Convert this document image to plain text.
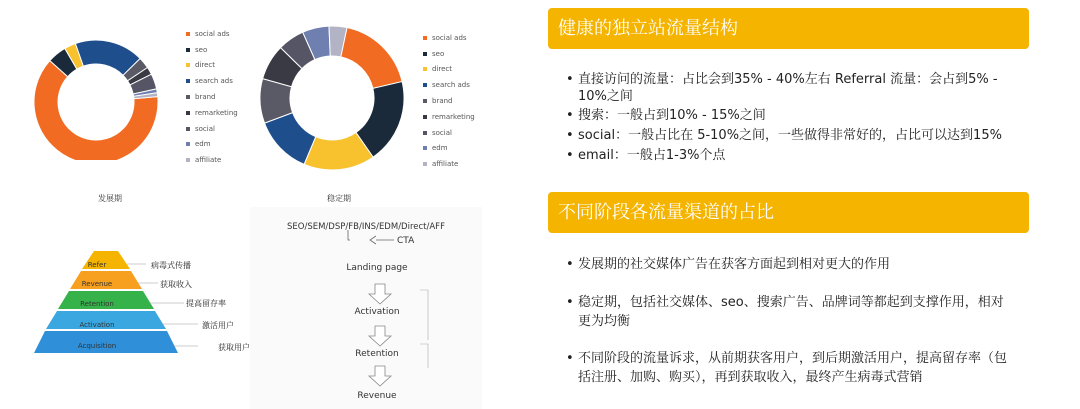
social ads
seo
direct
search ads
brand
remarketing
social
edm
affiliate
发展期
social ads
seo
direct
search ads
brand
remarketing
social
edm
affiliate
稳定期
Refer
Revenue
Retention
Activation
Acquisition
病毒式传播
获取收入
提高留存率
激活用户
获取用户
SEO/SEM/DSP/FB/INS/EDM/Direct/AFF
CTA
Landing page
Activation
Retention
Revenue
健康的独立站流量结构
• 直接访问的流量：占比会到35% - 40%左右 Referral 流量：会占到5% - 10%之间
• 搜索：一般占到10% - 15%之间
• social：一般占比在 5-10%之间，一些做得非常好的，占比可以达到15%
• email：一般占1-3%个点
不同阶段各流量渠道的占比
• 发展期的社交媒体广告在获客方面起到相对更大的作用
• 稳定期，包括社交媒体、seo、搜索广告、品牌词等都起到支撑作用，相对更为均衡
• 不同阶段的流量诉求，从前期获客用户，到后期激活用户，提高留存率（包括注册、加购、购买），再到获取收入，最终产生病毒式营销
